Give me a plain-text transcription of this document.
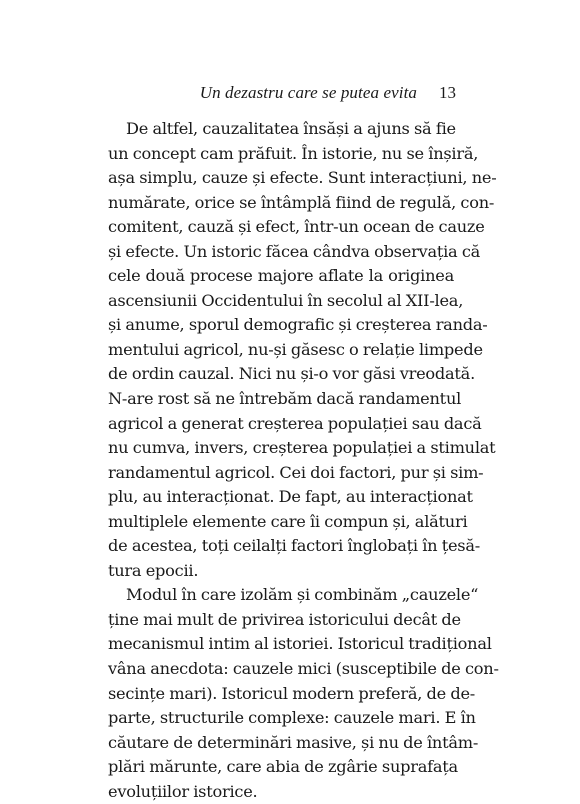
Un dezastru care se putea evita 13
De altfel, cauzalitatea însăși a ajuns să fie
un concept cam prăfuit. În istorie, nu se înșiră,
așa simplu, cauze și efecte. Sunt interacțiuni, ne-
numărate, orice se întâmplă fiind de regulă, con-
comitent, cauză și efect, într-un ocean de cauze
și efecte. Un istoric făcea cândva observația că
cele două procese majore aflate la originea
ascensiunii Occidentului în secolul al XII-lea,
și anume, sporul demografic și creșterea randa-
mentului agricol, nu-și găsesc o relație limpede
de ordin cauzal. Nici nu și-o vor găsi vreodată.
N-are rost să ne întrebăm dacă randamentul
agricol a generat creșterea populației sau dacă
nu cumva, invers, creșterea populației a stimulat
randamentul agricol. Cei doi factori, pur și sim-
plu, au interacționat. De fapt, au interacționat
multiplele elemente care îi compun și, alături
de acestea, toți ceilalți factori înglobați în țesă-
tura epocii.
Modul în care izolăm și combinăm „cauzele“
ține mai mult de privirea istoricului decât de
mecanismul intim al istoriei. Istoricul tradițional
vâna anecdota: cauzele mici (susceptibile de con-
secințe mari). Istoricul modern preferă, de de-
parte, structurile complexe: cauzele mari. E în
căutare de determinări masive, și nu de întâm-
plări mărunte, care abia de zgârie suprafața
evoluțiilor istorice.
